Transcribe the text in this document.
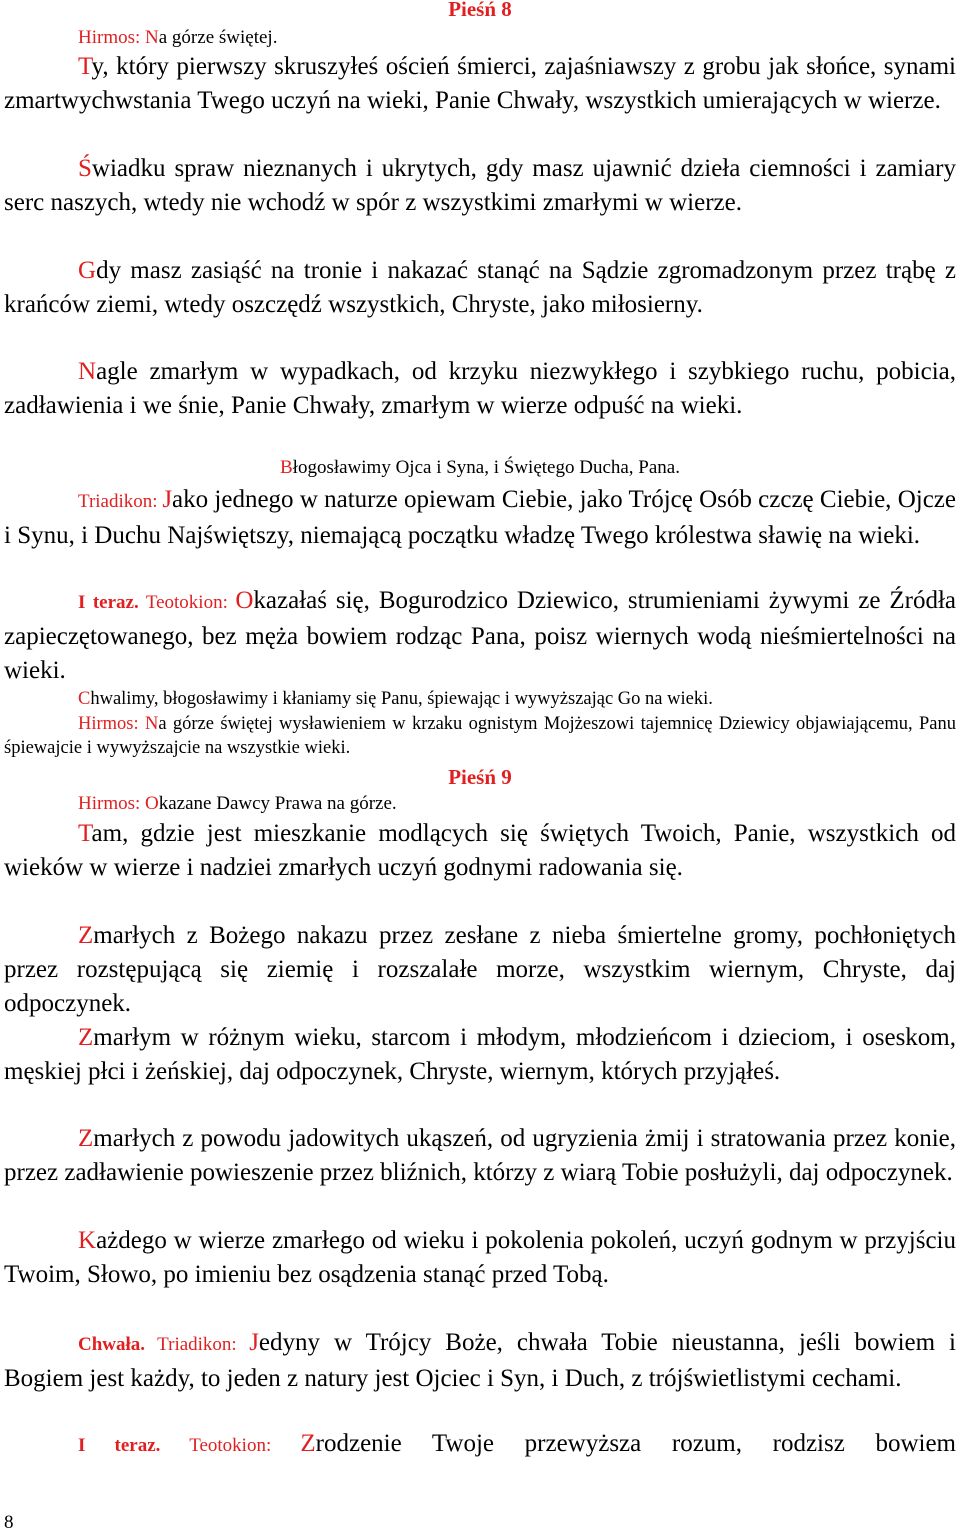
Pieśń 8

Hirmos: Na górze świętej.

Ty, który pierwszy skruszyłeś oścień śmierci, zajaśniawszy z grobu jak słońce, synami zmartwychwstania Twego uczyń na wieki, Panie Chwały, wszystkich umierających w wierze.

Świadku spraw nieznanych i ukrytych, gdy masz ujawnić dzieła ciemności i zamiary serc naszych, wtedy nie wchodź w spór z wszystkimi zmarłymi w wierze.

Gdy masz zasiąść na tronie i nakazać stanąć na Sądzie zgromadzonym przez trąbę z krańców ziemi, wtedy oszczędź wszystkich, Chryste, jako miłosierny.

Nagle zmarłym w wypadkach, od krzyku niezwykłego i szybkiego ruchu, pobicia, zadławienia i we śnie, Panie Chwały, zmarłym w wierze odpuść na wieki.

Błogosławimy Ojca i Syna, i Świętego Ducha, Pana.

Triadikon: Jako jednego w naturze opiewam Ciebie, jako Trójcę Osób czczę Ciebie, Ojcze i Synu, i Duchu Najświętszy, niemającą początku władzę Twego królestwa sławię na wieki.

I teraz. Teotokion: Okazałaś się, Bogurodzico Dziewico, strumieniami żywymi ze Źródła zapieczętowanego, bez męża bowiem rodząc Pana, poisz wiernych wodą nieśmiertelności na wieki.

Chwalimy, błogosławimy i kłaniamy się Panu, śpiewając i wywyższając Go na wieki.

Hirmos: Na górze świętej wysławieniem w krzaku ognistym Mojżeszowi tajemnicę Dziewicy objawiającemu, Panu śpiewajcie i wywyższajcie na wszystkie wieki.

Pieśń 9

Hirmos: Okazane Dawcy Prawa na górze.

Tam, gdzie jest mieszkanie modlących się świętych Twoich, Panie, wszystkich od wieków w wierze i nadziei zmarłych uczyń godnymi radowania się.

Zmarłych z Bożego nakazu przez zesłane z nieba śmiertelne gromy, pochłoniętych przez rozstępującą się ziemię i rozszalałe morze, wszystkim wiernym, Chryste, daj odpoczynek.

Zmarłym w różnym wieku, starcom i młodym, młodzieńcom i dzieciom, i oseskom, męskiej płci i żeńskiej, daj odpoczynek, Chryste, wiernym, których przyjąłeś.

Zmarłych z powodu jadowitych ukąszeń, od ugryzienia żmij i stratowania przez konie, przez zadławienie powieszenie przez bliźnich, którzy z wiarą Tobie posłużyli, daj odpoczynek.

Każdego w wierze zmarłego od wieku i pokolenia pokoleń, uczyń godnym w przyjściu Twoim, Słowo, po imieniu bez osądzenia stanąć przed Tobą.

Chwała. Triadikon: Jedyny w Trójcy Boże, chwała Tobie nieustanna, jeśli bowiem i Bogiem jest każdy, to jeden z natury jest Ojciec i Syn, i Duch, z trójświetlistymi cechami.

I teraz. Teotokion: Zrodzenie Twoje przewyższa rozum, rodzisz bowiem

8
